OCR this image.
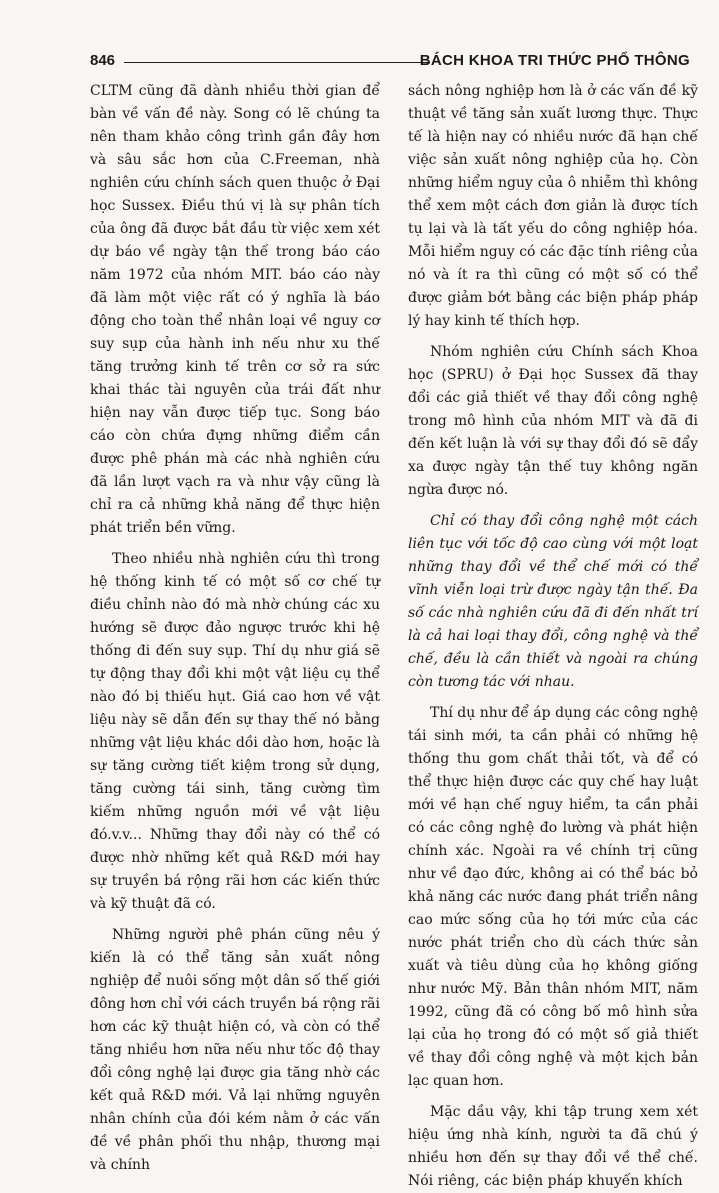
846	BÁCH KHOA TRI THỨC PHỔ THÔNG

CLTM cũng đã dành nhiều thời gian để bàn về vấn đề này. Song có lẽ chúng ta nên tham khảo công trình gần đây hơn và sâu sắc hơn của C.Freeman, nhà nghiên cứu chính sách quen thuộc ở Đại học Sussex. Điều thú vị là sự phân tích của ông đã được bắt đầu từ việc xem xét dự báo về ngày tận thế trong báo cáo năm 1972 của nhóm MIT. báo cáo này đã làm một việc rất có ý nghĩa là báo động cho toàn thể nhân loại về nguy cơ suy sụp của hành inh nếu như xu thế tăng trưởng kinh tế trên cơ sở ra sức khai thác tài nguyên của trái đất như hiện nay vẫn được tiếp tục. Song báo cáo còn chứa đựng những điểm cần được phê phán mà các nhà nghiên cứu đã lần lượt vạch ra và như vậy cũng là chỉ ra cả những khả năng để thực hiện phát triển bền vững.

Theo nhiều nhà nghiên cứu thì trong hệ thống kinh tế có một số cơ chế tự điều chỉnh nào đó mà nhờ chúng các xu hướng sẽ được đảo ngược trước khi hệ thống đi đến suy sụp. Thí dụ như giá sẽ tự động thay đổi khi một vật liệu cụ thể nào đó bị thiếu hụt. Giá cao hơn về vật liệu này sẽ dẫn đến sự thay thế nó bằng những vật liệu khác dồi dào hơn, hoặc là sự tăng cường tiết kiệm trong sử dụng, tăng cường tái sinh, tăng cường tìm kiếm những nguồn mới về vật liệu đó.v.v... Những thay đổi này có thể có được nhờ những kết quả R&D mới hay sự truyền bá rộng rãi hơn các kiến thức và kỹ thuật đã có.

Những người phê phán cũng nêu ý kiến là có thể tăng sản xuất nông nghiệp để nuôi sống một dân số thế giới đông hơn chỉ với cách truyền bá rộng rãi hơn các kỹ thuật hiện có, và còn có thể tăng nhiều hơn nữa nếu như tốc độ thay đổi công nghệ lại được gia tăng nhờ các kết quả R&D mới. Vả lại những nguyên nhân chính của đói kém nằm ở các vấn đề về phân phối thu nhập, thương mại và chính

sách nông nghiệp hơn là ở các vấn đề kỹ thuật về tăng sản xuất lương thực. Thực tế là hiện nay có nhiều nước đã hạn chế việc sản xuất nông nghiệp của họ. Còn những hiểm nguy của ô nhiễm thì không thể xem một cách đơn giản là được tích tụ lại và là tất yếu do công nghiệp hóa. Mỗi hiểm nguy có các đặc tính riêng của nó và ít ra thì cũng có một số có thể được giảm bớt bằng các biện pháp pháp lý hay kinh tế thích hợp.

Nhóm nghiên cứu Chính sách Khoa học (SPRU) ở Đại học Sussex đã thay đổi các giả thiết về thay đổi công nghệ trong mô hình của nhóm MIT và đã đi đến kết luận là với sự thay đổi đó sẽ đẩy xa được ngày tận thế tuy không ngăn ngừa được nó.

Chỉ có thay đổi công nghệ một cách liên tục với tốc độ cao cùng với một loạt những thay đổi về thể chế mới có thể vĩnh viễn loại trừ được ngày tận thế. Đa số các nhà nghiên cứu đã đi đến nhất trí là cả hai loại thay đổi, công nghệ và thể chế, đều là cần thiết và ngoài ra chúng còn tương tác với nhau.

Thí dụ như để áp dụng các công nghệ tái sinh mới, ta cần phải có những hệ thống thu gom chất thải tốt, và để có thể thực hiện được các quy chế hay luật mới về hạn chế nguy hiểm, ta cần phải có các công nghệ đo lường và phát hiện chính xác. Ngoài ra về chính trị cũng như về đạo đức, không ai có thể bác bỏ khả năng các nước đang phát triển nâng cao mức sống của họ tới mức của các nước phát triển cho dù cách thức sản xuất và tiêu dùng của họ không giống như nước Mỹ. Bản thân nhóm MIT, năm 1992, cũng đã có công bố mô hình sửa lại của họ trong đó có một số giả thiết về thay đổi công nghệ và một kịch bản lạc quan hơn.

Mặc dầu vậy, khi tập trung xem xét hiệu ứng nhà kính, người ta đã chú ý nhiều hơn đến sự thay đổi về thể chế. Nói riêng, các biện pháp khuyến khích
